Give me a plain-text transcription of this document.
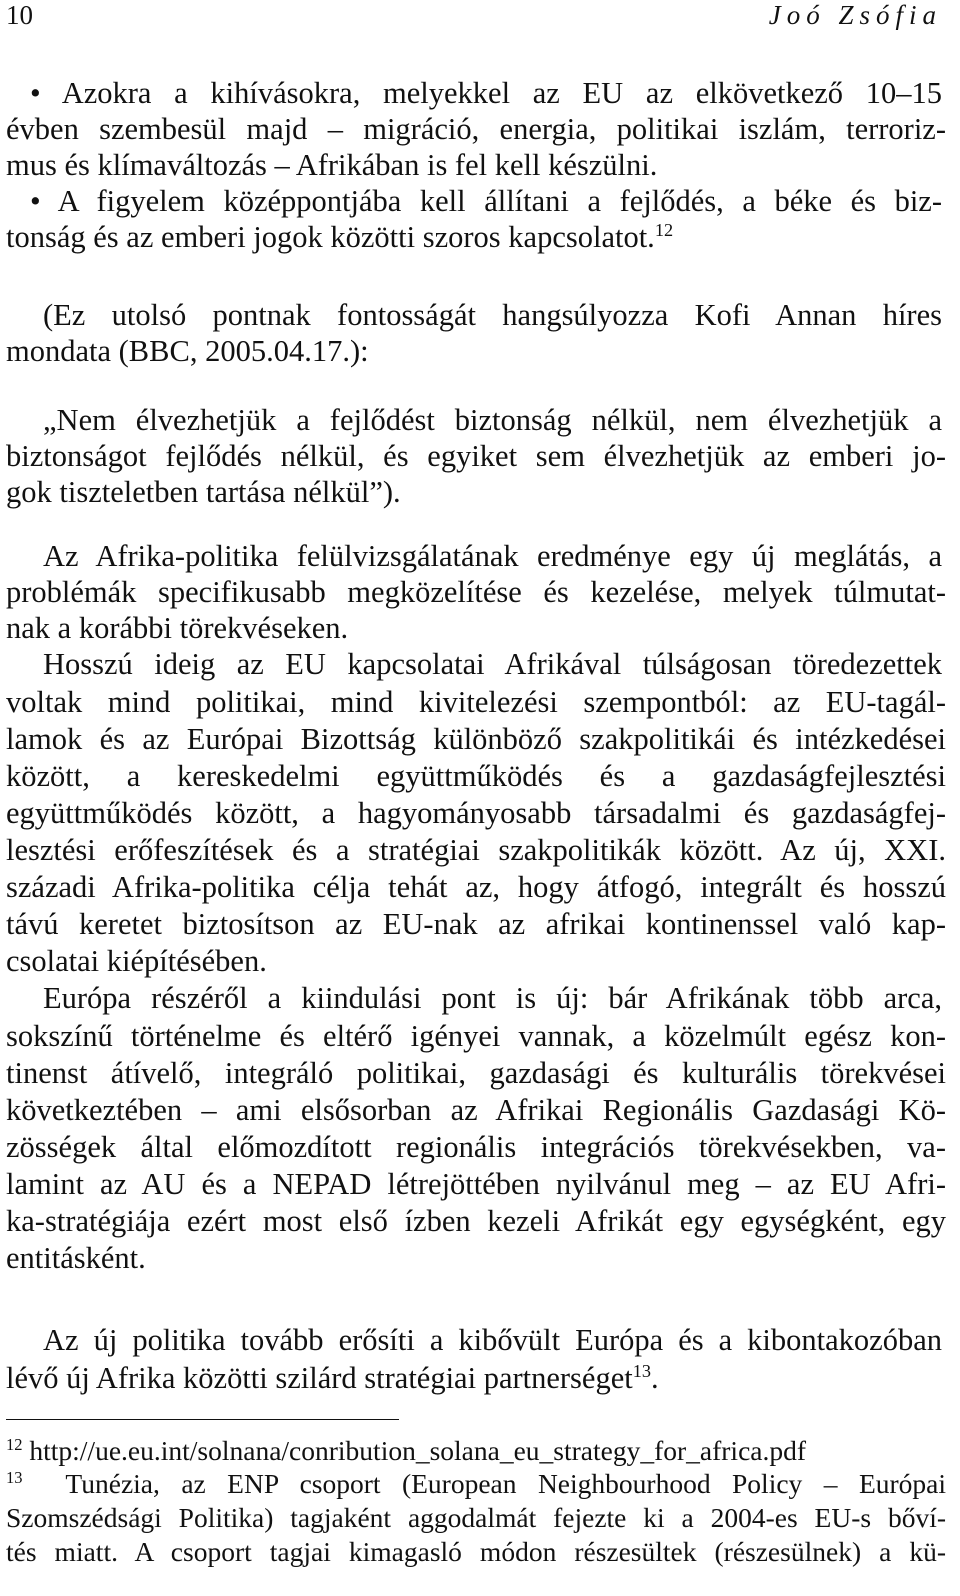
10	Joó Zsófia
• Azokra a kihívásokra, melyekkel az EU az elkövetkező 10–15
évben szembesül majd – migráció, energia, politikai iszlám, terroriz-
mus és klímaváltozás – Afrikában is fel kell készülni.
• A figyelem középpontjába kell állítani a fejlődés, a béke és biz-
tonság és az emberi jogok közötti szoros kapcsolatot.$^{12}$
(Ez utolsó pontnak fontosságát hangsúlyozza Kofi Annan híres
mondata (BBC, 2005.04.17.):
„Nem élvezhetjük a fejlődést biztonság nélkül, nem élvezhetjük a
biztonságot fejlődés nélkül, és egyiket sem élvezhetjük az emberi jo-
gok tiszteletben tartása nélkül”).
Az Afrika-politika felülvizsgálatának eredménye egy új meglátás, a
problémák specifikusabb megközelítése és kezelése, melyek túlmutat-
nak a korábbi törekvéseken.
Hosszú ideig az EU kapcsolatai Afrikával túlságosan töredezettek
voltak mind politikai, mind kivitelezési szempontból: az EU-tagál-
lamok és az Európai Bizottság különböző szakpolitikái és intézkedései
között, a kereskedelmi együttműködés és a gazdaságfejlesztési
együttműködés között, a hagyományosabb társadalmi és gazdaságfej-
lesztési erőfeszítések és a stratégiai szakpolitikák között. Az új, XXI.
századi Afrika-politika célja tehát az, hogy átfogó, integrált és hosszú
távú keretet biztosítson az EU-nak az afrikai kontinenssel való kap-
csolatai kiépítésében.
Európa részéről a kiindulási pont is új: bár Afrikának több arca,
sokszínű történelme és eltérő igényei vannak, a közelmúlt egész kon-
tinenst átívelő, integráló politikai, gazdasági és kulturális törekvései
következtében – ami elsősorban az Afrikai Regionális Gazdasági Kö-
zösségek által előmozdított regionális integrációs törekvésekben, va-
lamint az AU és a NEPAD létrejöttében nyilvánul meg – az EU Afri-
ka-stratégiája ezért most első ízben kezeli Afrikát egy egységként, egy
entitásként.
Az új politika tovább erősíti a kibővült Európa és a kibontakozóban
lévő új Afrika közötti szilárd stratégiai partnerséget$^{13}$.
$^{12}$ http://ue.eu.int/solnana/conribution_solana_eu_strategy_for_africa.pdf
$^{13}$ Tunézia, az ENP csoport (European Neighbourhood Policy – Európai
Szomszédsági Politika) tagjaként aggodalmát fejezte ki a 2004-es EU-s bőví-
tés miatt. A csoport tagjai kimagasló módon részesültek (részesülnek) a kü-
